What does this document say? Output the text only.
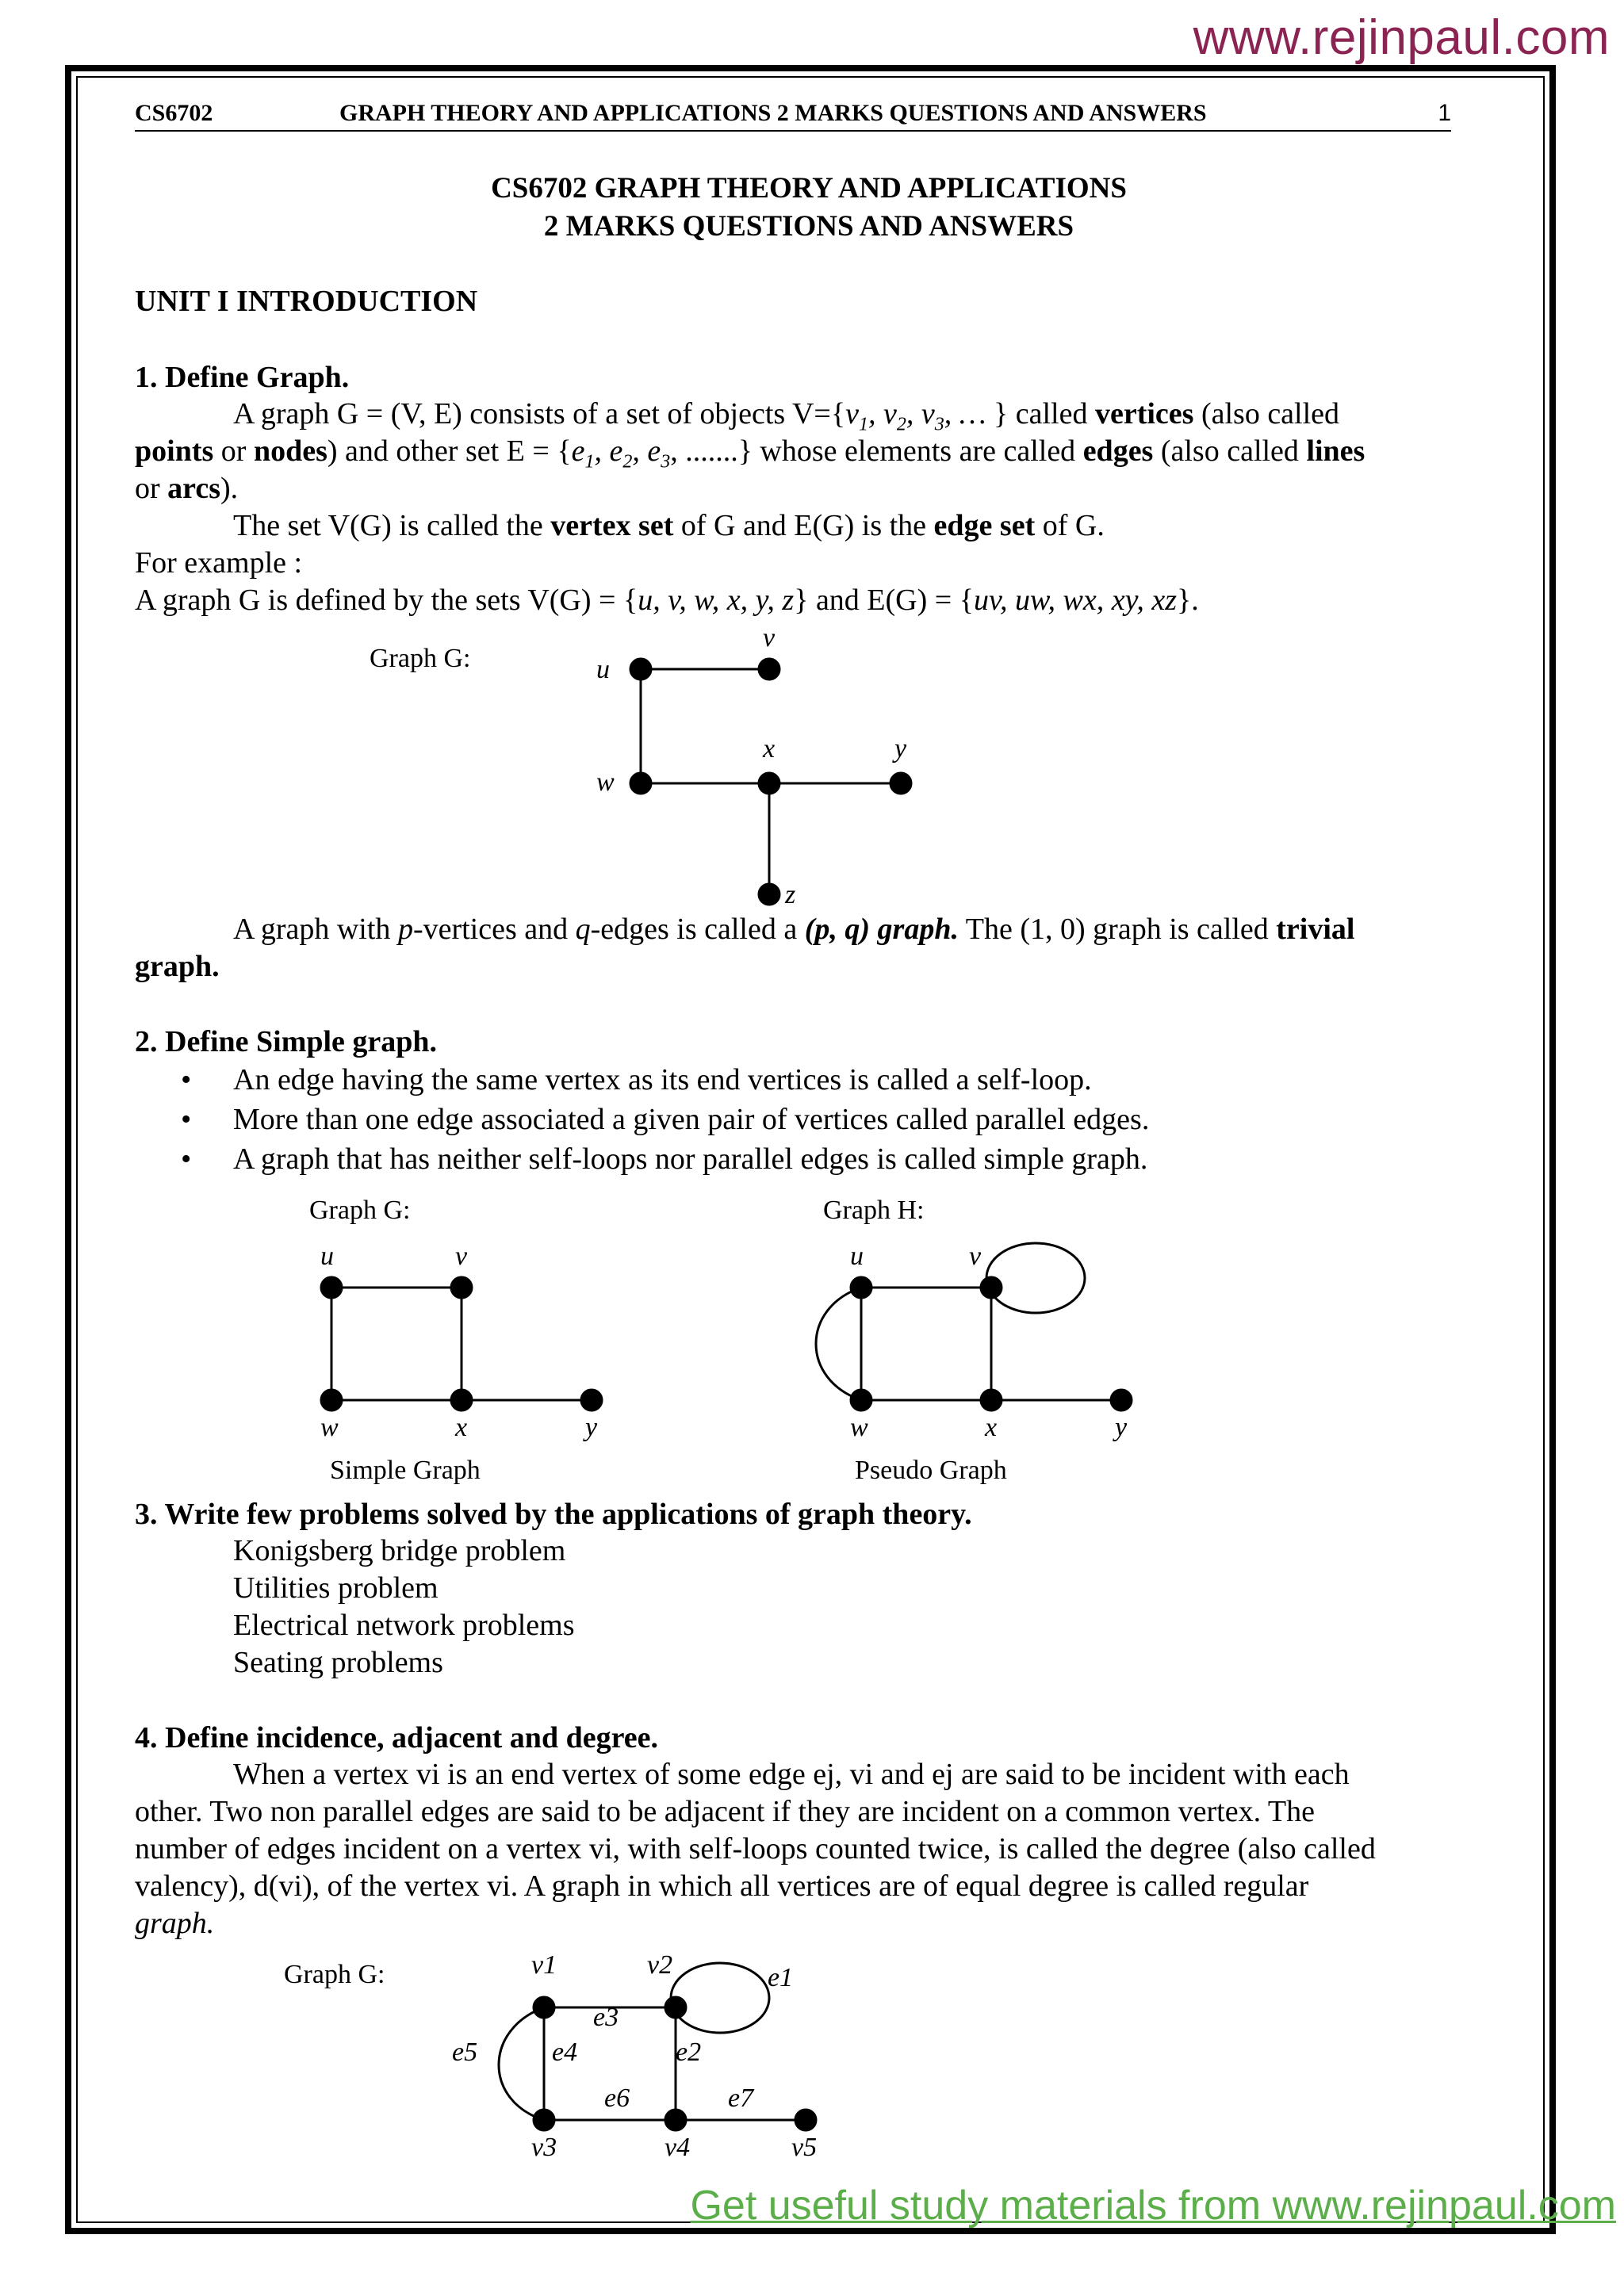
www.rejinpaul.com
CS6702	GRAPH THEORY AND APPLICATIONS 2 MARKS QUESTIONS AND ANSWERS	1
CS6702 GRAPH THEORY AND APPLICATIONS
2 MARKS QUESTIONS AND ANSWERS
UNIT I INTRODUCTION
1. Define Graph.
A graph G = (V, E) consists of a set of objects $V=\{v_1$, $v_2$, $v_3$, … } called vertices (also called
points or nodes) and other set $E = \{e_1$, $e_2$, $e_3$, .......} whose elements are called edges (also called lines
or arcs).
The set V(G) is called the vertex set of G and E(G) is the edge set of G.
For example :
A graph G is defined by the sets V(G) = {u, v, w, x, y, z} and E(G) = {uv, uw, wx, xy, xz}.
Graph G:	u
v
w
x	y
z
A graph with p-vertices and q-edges is called a (p, q) graph. The (1, 0) graph is called trivial
graph.
2. Define Simple graph.
• An edge having the same vertex as its end vertices is called a self-loop.
• More than one edge associated a given pair of vertices called parallel edges.
• A graph that has neither self-loops nor parallel edges is called simple graph.
Graph G:	Graph H:
u	v
w	x	y
u	v
w	x	y
Simple Graph	Pseudo Graph
3. Write few problems solved by the applications of graph theory.
Konigsberg bridge problem
Utilities problem
Electrical network problems
Seating problems
4. Define incidence, adjacent and degree.
When a vertex vi is an end vertex of some edge ej, vi and ej are said to be incident with each
other. Two non parallel edges are said to be adjacent if they are incident on a common vertex. The
number of edges incident on a vertex vi, with self-loops counted twice, is called the degree (also called
valency), d(vi), of the vertex vi. A graph in which all vertices are of equal degree is called regular
graph.
Graph G:	v1	v2
v3	v4	v5
e1
e2
e3
e4
e5
e6	e7
Get useful study materials from www.rejinpaul.com
